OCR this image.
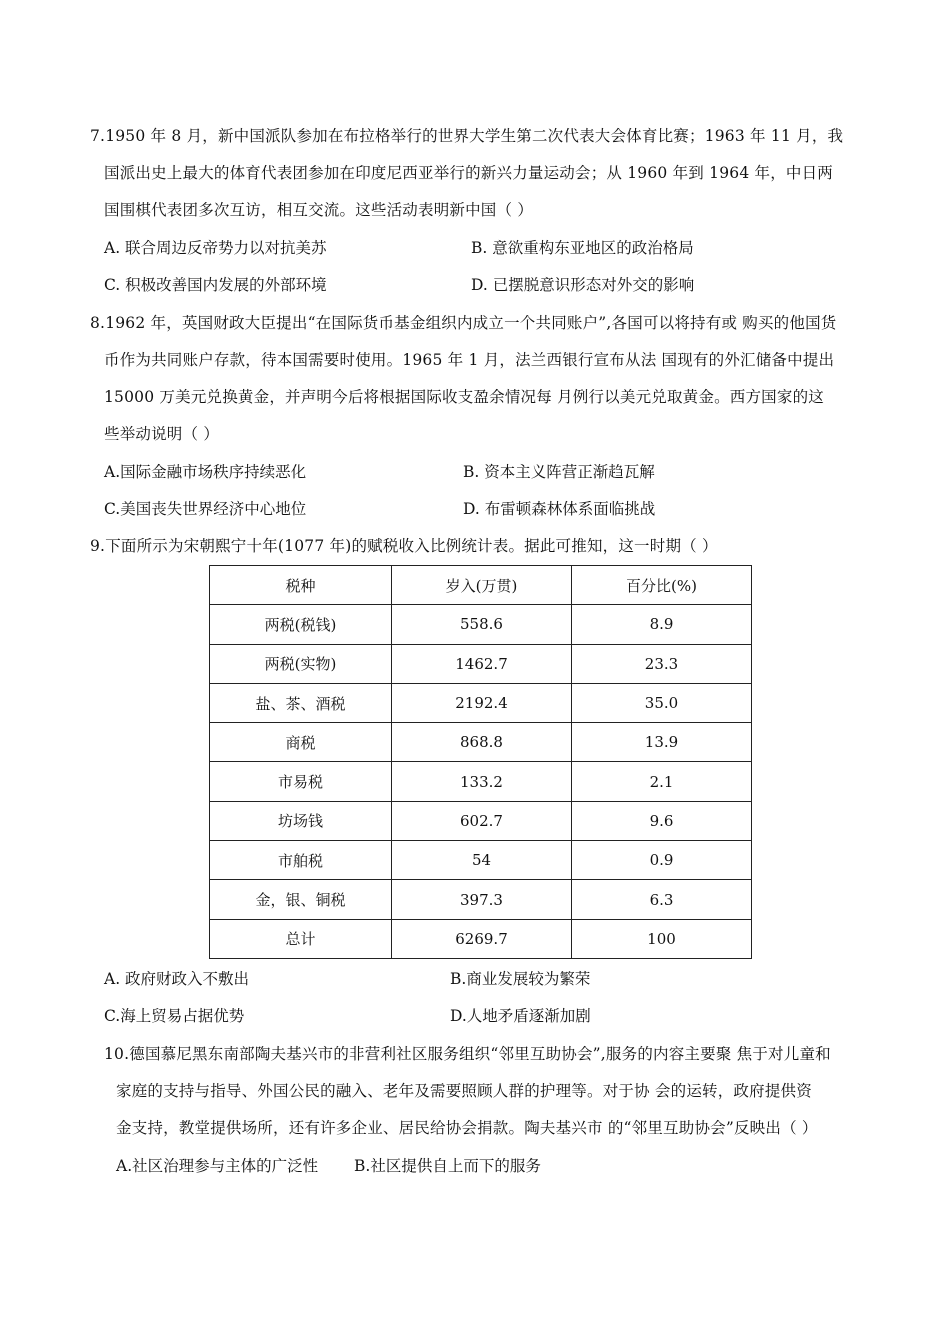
7.1950 年 8 月，新中国派队参加在布拉格举行的世界大学生第二次代表大会体育比赛；1963 年 11 月，我
国派出史上最大的体育代表团参加在印度尼西亚举行的新兴力量运动会；从 1960 年到 1964 年，中日两
国围棋代表团多次互访，相互交流。这些活动表明新中国（ ）
A. 联合周边反帝势力以对抗美苏	B. 意欲重构东亚地区的政治格局
C. 积极改善国内发展的外部环境	D. 已摆脱意识形态对外交的影响
8.1962 年，英国财政大臣提出“在国际货币基金组织内成立一个共同账户”,各国可以将持有或 购买的他国货
币作为共同账户存款，待本国需要时使用。1965 年 1 月，法兰西银行宣布从法 国现有的外汇储备中提出
15000 万美元兑换黄金，并声明今后将根据国际收支盈余情况每 月例行以美元兑取黄金。西方国家的这
些举动说明（ ）
A.国际金融市场秩序持续恶化	B. 资本主义阵营正渐趋瓦解
C.美国丧失世界经济中心地位	D. 布雷顿森林体系面临挑战
9.下面所示为宋朝熙宁十年(1077 年)的赋税收入比例统计表。据此可推知，这一时期（ ）
税种	岁入(万贯)	百分比(%)
两税(税钱)	558.6	8.9
两税(实物)	1462.7	23.3
盐、茶、酒税	2192.4	35.0
商税	868.8	13.9
市易税	133.2	2.1
坊场钱	602.7	9.6
市舶税	54	0.9
金，银、铜税	397.3	6.3
总计	6269.7	100
A. 政府财政入不敷出	B.商业发展较为繁荣
C.海上贸易占据优势	D.人地矛盾逐渐加剧
10.德国慕尼黑东南部陶夫基兴市的非营利社区服务组织“邻里互助协会”,服务的内容主要聚 焦于对儿童和
家庭的支持与指导、外国公民的融入、老年及需要照顾人群的护理等。对于协 会的运转，政府提供资
金支持，教堂提供场所，还有许多企业、居民给协会捐款。陶夫基兴市 的“邻里互助协会”反映出（ ）
A.社区治理参与主体的广泛性 B.社区提供自上而下的服务
